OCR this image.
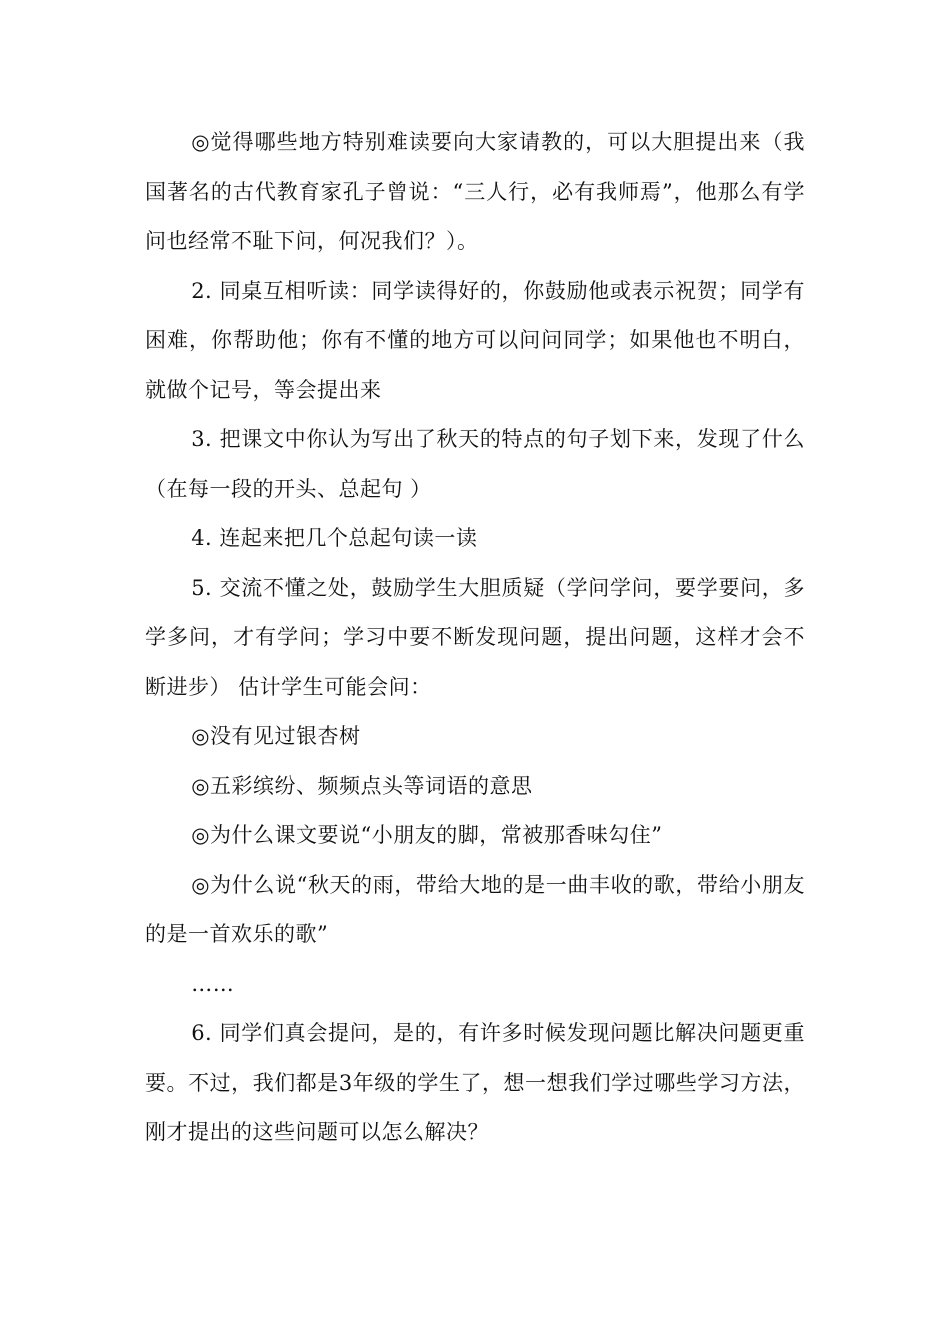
◎觉得哪些地方特别难读要向大家请教的，可以大胆提出来（我国著名的古代教育家孔子曾说：“三人行，必有我师焉”，他那么有学问也经常不耻下问，何况我们？）。

2. 同桌互相听读：同学读得好的，你鼓励他或表示祝贺；同学有困难，你帮助他；你有不懂的地方可以问问同学；如果他也不明白，就做个记号，等会提出来

3. 把课文中你认为写出了秋天的特点的句子划下来，发现了什么（在每一段的开头、总起句 ）

4. 连起来把几个总起句读一读

5. 交流不懂之处，鼓励学生大胆质疑（学问学问，要学要问，多学多问，才有学问；学习中要不断发现问题，提出问题，这样才会不断进步） 估计学生可能会问：

◎没有见过银杏树

◎五彩缤纷、频频点头等词语的意思

◎为什么课文要说“小朋友的脚，常被那香味勾住”

◎为什么说“秋天的雨，带给大地的是一曲丰收的歌，带给小朋友的是一首欢乐的歌”

……

6. 同学们真会提问，是的，有许多时候发现问题比解决问题更重要。不过，我们都是3年级的学生了，想一想我们学过哪些学习方法，刚才提出的这些问题可以怎么解决？
